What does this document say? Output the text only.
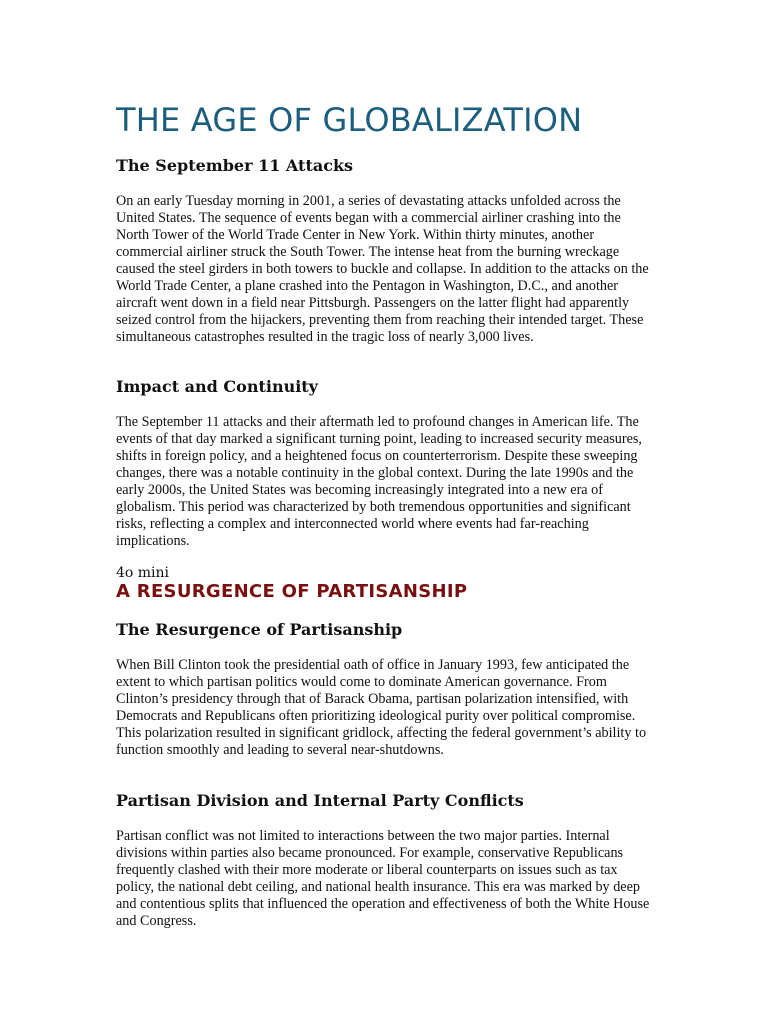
THE AGE OF GLOBALIZATION
The September 11 Attacks

On an early Tuesday morning in 2001, a series of devastating attacks unfolded across the United States. The sequence of events began with a commercial airliner crashing into the North Tower of the World Trade Center in New York. Within thirty minutes, another commercial airliner struck the South Tower. The intense heat from the burning wreckage caused the steel girders in both towers to buckle and collapse. In addition to the attacks on the World Trade Center, a plane crashed into the Pentagon in Washington, D.C., and another aircraft went down in a field near Pittsburgh. Passengers on the latter flight had apparently seized control from the hijackers, preventing them from reaching their intended target. These simultaneous catastrophes resulted in the tragic loss of nearly 3,000 lives.

Impact and Continuity

The September 11 attacks and their aftermath led to profound changes in American life. The events of that day marked a significant turning point, leading to increased security measures, shifts in foreign policy, and a heightened focus on counterterrorism. Despite these sweeping changes, there was a notable continuity in the global context. During the late 1990s and the early 2000s, the United States was becoming increasingly integrated into a new era of globalism. This period was characterized by both tremendous opportunities and significant risks, reflecting a complex and interconnected world where events had far-reaching implications.

4o mini
A RESURGENCE OF PARTISANSHIP
The Resurgence of Partisanship

When Bill Clinton took the presidential oath of office in January 1993, few anticipated the extent to which partisan politics would come to dominate American governance. From Clinton’s presidency through that of Barack Obama, partisan polarization intensified, with Democrats and Republicans often prioritizing ideological purity over political compromise. This polarization resulted in significant gridlock, affecting the federal government’s ability to function smoothly and leading to several near-shutdowns.

Partisan Division and Internal Party Conflicts

Partisan conflict was not limited to interactions between the two major parties. Internal divisions within parties also became pronounced. For example, conservative Republicans frequently clashed with their more moderate or liberal counterparts on issues such as tax policy, the national debt ceiling, and national health insurance. This era was marked by deep and contentious splits that influenced the operation and effectiveness of both the White House and Congress.
